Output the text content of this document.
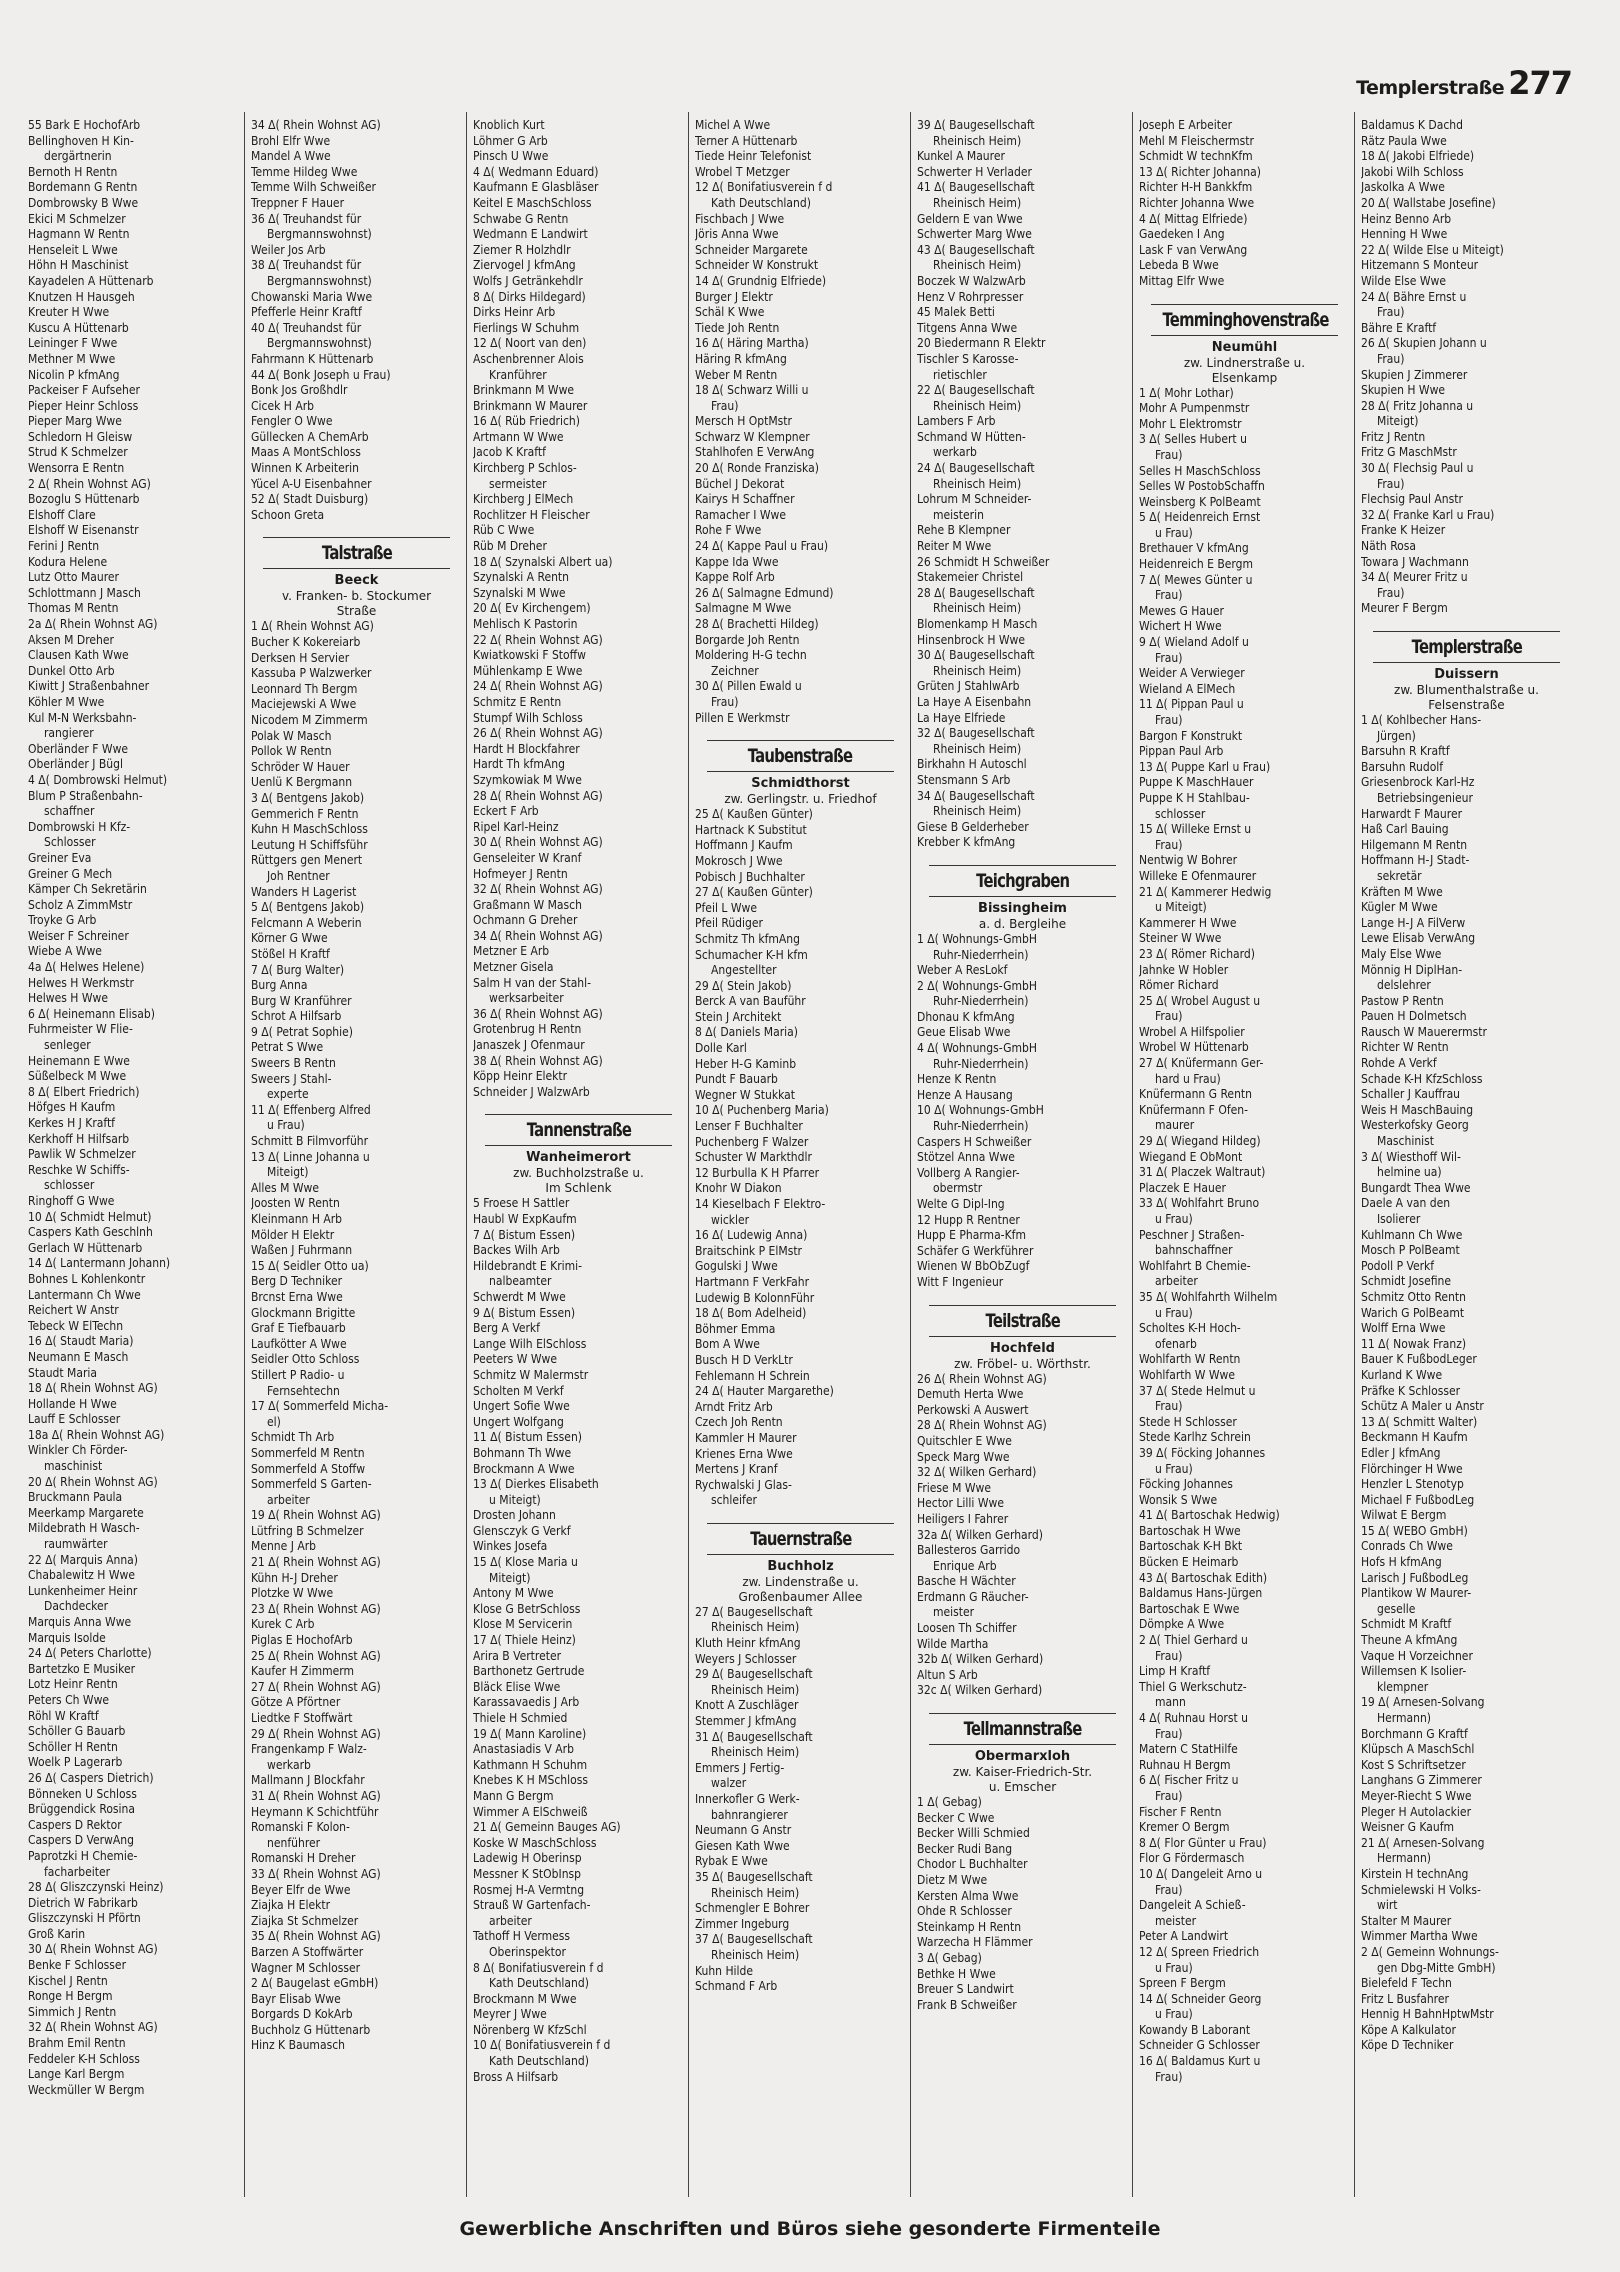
Templerstraße 277
55 Bark E HochofArb
Bellinghoven H Kin-
dergärtnerin
Bernoth H Rentn
Bordemann G Rentn
Dombrowsky B Wwe
Ekici M Schmelzer
Hagmann W Rentn
Henseleit L Wwe
Höhn H Maschinist
Kayadelen A Hüttenarb
Knutzen H Hausgeh
Kreuter H Wwe
Kuscu A Hüttenarb
Leininger F Wwe
Methner M Wwe
Nicolin P kfmAng
Packeiser F Aufseher
Pieper Heinr Schloss
Pieper Marg Wwe
Schledorn H Gleisw
Strud K Schmelzer
Wensorra E Rentn
2 Δ( Rhein Wohnst AG)
Bozoglu S Hüttenarb
Elshoff Clare
Elshoff W Eisenanstr
Ferini J Rentn
Kodura Helene
Lutz Otto Maurer
Schlottmann J Masch
Thomas M Rentn
2a Δ( Rhein Wohnst AG)
Aksen M Dreher
Clausen Kath Wwe
Dunkel Otto Arb
Kiwitt J Straßenbahner
Köhler M Wwe
Kul M-N Werksbahn-
rangierer
Oberländer F Wwe
Oberländer J Bügl
4 Δ( Dombrowski Helmut)
Blum P Straßenbahn-
schaffner
Dombrowski H Kfz-
Schlosser
Greiner Eva
Greiner G Mech
Kämper Ch Sekretärin
Scholz A ZimmMstr
Troyke G Arb
Weiser F Schreiner
Wiebe A Wwe
4a Δ( Helwes Helene)
Helwes H Werkmstr
Helwes H Wwe
6 Δ( Heinemann Elisab)
Fuhrmeister W Flie-
senleger
Heinemann E Wwe
Süßelbeck M Wwe
8 Δ( Elbert Friedrich)
Höfges H Kaufm
Kerkes H J Kraftf
Kerkhoff H Hilfsarb
Pawlik W Schmelzer
Reschke W Schiffs-
schlosser
Ringhoff G Wwe
10 Δ( Schmidt Helmut)
Caspers Kath Geschlnh
Gerlach W Hüttenarb
14 Δ( Lantermann Johann)
Bohnes L Kohlenkontr
Lantermann Ch Wwe
Reichert W Anstr
Tebeck W ElTechn
16 Δ( Staudt Maria)
Neumann E Masch
Staudt Maria
18 Δ( Rhein Wohnst AG)
Hollande H Wwe
Lauff E Schlosser
18a Δ( Rhein Wohnst AG)
Winkler Ch Förder-
maschinist
20 Δ( Rhein Wohnst AG)
Bruckmann Paula
Meerkamp Margarete
Mildebrath H Wasch-
raumwärter
22 Δ( Marquis Anna)
Chabalewitz H Wwe
Lunkenheimer Heinr
Dachdecker
Marquis Anna Wwe
Marquis Isolde
24 Δ( Peters Charlotte)
Bartetzko E Musiker
Lotz Heinr Rentn
Peters Ch Wwe
Röhl W Kraftf
Schöller G Bauarb
Schöller H Rentn
Woelk P Lagerarb
26 Δ( Caspers Dietrich)
Bönneken U Schloss
Brüggendick Rosina
Caspers D Rektor
Caspers D VerwAng
Paprotzki H Chemie-
facharbeiter
28 Δ( Gliszczynski Heinz)
Dietrich W Fabrikarb
Gliszczynski H Pförtn
Groß Karin
30 Δ( Rhein Wohnst AG)
Benke F Schlosser
Kischel J Rentn
Ronge H Bergm
Simmich J Rentn
32 Δ( Rhein Wohnst AG)
Brahm Emil Rentn
Feddeler K-H Schloss
Lange Karl Bergm
Weckmüller W Bergm
34 Δ( Rhein Wohnst AG)
Brohl Elfr Wwe
Mandel A Wwe
Temme Hildeg Wwe
Temme Wilh Schweißer
Treppner F Hauer
36 Δ( Treuhandst für
Bergmannswohnst)
Weiler Jos Arb
38 Δ( Treuhandst für
Bergmannswohnst)
Chowanski Maria Wwe
Pfefferle Heinr Kraftf
40 Δ( Treuhandst für
Bergmannswohnst)
Fahrmann K Hüttenarb
44 Δ( Bonk Joseph u Frau)
Bonk Jos Großhdlr
Cicek H Arb
Fengler O Wwe
Güllecken A ChemArb
Maas A MontSchloss
Winnen K Arbeiterin
Yücel A-U Eisenbahner
52 Δ( Stadt Duisburg)
Schoon Greta
Talstraße
Beeck
v. Franken- b. Stockumer
Straße
1 Δ( Rhein Wohnst AG)
Bucher K Kokereiarb
Derksen H Servier
Kassuba P Walzwerker
Leonnard Th Bergm
Maciejewski A Wwe
Nicodem M Zimmerm
Polak W Masch
Pollok W Rentn
Schröder W Hauer
Uenlü K Bergmann
3 Δ( Bentgens Jakob)
Gemmerich F Rentn
Kuhn H MaschSchloss
Leutung H Schiffsführ
Rüttgers gen Menert
Joh Rentner
Wanders H Lagerist
5 Δ( Bentgens Jakob)
Felcmann A Weberin
Körner G Wwe
Stößel H Kraftf
7 Δ( Burg Walter)
Burg Anna
Burg W Kranführer
Schrot A Hilfsarb
9 Δ( Petrat Sophie)
Petrat S Wwe
Sweers B Rentn
Sweers J Stahl-
experte
11 Δ( Effenberg Alfred
u Frau)
Schmitt B Filmvorführ
13 Δ( Linne Johanna u
Miteigt)
Alles M Wwe
Joosten W Rentn
Kleinmann H Arb
Mölder H Elektr
Waßen J Fuhrmann
15 Δ( Seidler Otto ua)
Berg D Techniker
Brcnst Erna Wwe
Glockmann Brigitte
Graf E Tiefbauarb
Laufkötter A Wwe
Seidler Otto Schloss
Stillert P Radio- u
Fernsehtechn
17 Δ( Sommerfeld Micha-
el)
Schmidt Th Arb
Sommerfeld M Rentn
Sommerfeld A Stoffw
Sommerfeld S Garten-
arbeiter
19 Δ( Rhein Wohnst AG)
Lütfring B Schmelzer
Menne J Arb
21 Δ( Rhein Wohnst AG)
Kühn H-J Dreher
Plotzke W Wwe
23 Δ( Rhein Wohnst AG)
Kurek C Arb
Piglas E HochofArb
25 Δ( Rhein Wohnst AG)
Kaufer H Zimmerm
27 Δ( Rhein Wohnst AG)
Götze A Pförtner
Liedtke F Stoffwärt
29 Δ( Rhein Wohnst AG)
Frangenkamp F Walz-
werkarb
Mallmann J Blockfahr
31 Δ( Rhein Wohnst AG)
Heymann K Schichtführ
Romanski F Kolon-
nenführer
Romanski H Dreher
33 Δ( Rhein Wohnst AG)
Beyer Elfr de Wwe
Ziajka H Elektr
Ziajka St Schmelzer
35 Δ( Rhein Wohnst AG)
Barzen A Stoffwärter
Wagner M Schlosser
2 Δ( Baugelast eGmbH)
Bayr Elisab Wwe
Borgards D KokArb
Buchholz G Hüttenarb
Hinz K Baumasch
Knoblich Kurt
Löhmer G Arb
Pinsch U Wwe
4 Δ( Wedmann Eduard)
Kaufmann E Glasbläser
Keitel E MaschSchloss
Schwabe G Rentn
Wedmann E Landwirt
Ziemer R Holzhdlr
Ziervogel J kfmAng
Wolfs J Geträ​nkehdlr
8 Δ( Dirks Hildegard)
Dirks Heinr Arb
Fierlings W Schuhm
12 Δ( Noort van den)
Aschenbrenner Alois
Kranführer
Brinkmann M Wwe
Brinkmann W Maurer
16 Δ( Rüb Friedrich)
Artmann W Wwe
Jacob K Kraftf
Kirchberg P Schlos-
sermeister
Kirchberg J ElMech
Rochlitzer H Fleischer
Rüb C Wwe
Rüb M Dreher
18 Δ( Szynalski Albert ua)
Szynalski A Rentn
Szynalski M Wwe
20 Δ( Ev Kirchengem)
Mehlisch K Pastorin
22 Δ( Rhein Wohnst AG)
Kwiatkowski F Stoffw
Mühlenkamp E Wwe
24 Δ( Rhein Wohnst AG)
Schmitz E Rentn
Stumpf Wilh Schloss
26 Δ( Rhein Wohnst AG)
Hardt H Blockfahrer
Hardt Th kfmAng
Szymkowiak M Wwe
28 Δ( Rhein Wohnst AG)
Eckert F Arb
Ripel Karl-Heinz
30 Δ( Rhein Wohnst AG)
Genseleiter W Kranf
Hofmeyer J Rentn
32 Δ( Rhein Wohnst AG)
Graßmann W Masch
Ochmann G Dreher
34 Δ( Rhein Wohnst AG)
Metzner E Arb
Metzner Gisela
Salm H van der Stahl-
werksarbeiter
36 Δ( Rhein Wohnst AG)
Grotenbrug H Rentn
Janaszek J Ofenmaur
38 Δ( Rhein Wohnst AG)
Köpp Heinr Elektr
Schneider J WalzwArb
Tannenstraße
Wanheimerort
zw. Buchholzstraße u.
Im Schlenk
5 Froese H Sattler
Haubl W ExpKaufm
7 Δ( Bistum Essen)
Backes Wilh Arb
Hildebrandt E Krimi-
nalbeamter
Schwerdt M Wwe
9 Δ( Bistum Essen)
Berg A Verkf
Lange Wilh ElSchloss
Peeters W Wwe
Schmitz W Malermstr
Scholten M Verkf
Ungert Sofie Wwe
Ungert Wolfgang
11 Δ( Bistum Essen)
Bohmann Th Wwe
Brockmann A Wwe
13 Δ( Dierkes Elisabeth
u Miteigt)
Drosten Johann
Glensczyk G Verkf
Winkes Josefa
15 Δ( Klose Maria u
Miteigt)
Antony M Wwe
Klose G BetrSchloss
Klose M Servicerin
17 Δ( Thiele Heinz)
Arira B Vertreter
Barthonetz Gertrude
Bläck Elise Wwe
Karassavaedis J Arb
Thiele H Schmied
19 Δ( Mann Karoline)
Anastasiadis V Arb
Kathmann H Schuhm
Knebes K H MSchloss
Mann G Bergm
Wimmer A ElSchweiß
21 Δ( Gemeinn Bauges AG)
Koske W MaschSchloss
Ladewig H Oberinsp
Messner K StObInsp
Rosmej H-A Vermtng
Strauß W Gartenfach-
arbeiter
Tathoff H Vermess
Oberinspektor
8 Δ( Bonifatiusverein f d
Kath Deutschland)
Brockmann M Wwe
Meyrer J Wwe
Nörenberg W KfzSchl
10 Δ( Bonifatiusverein f d
Kath Deutschland)
Bross A Hilfsarb
Michel A Wwe
Terner A Hüttenarb
Tiede Heinr Telefonist
Wrobel T Metzger
12 Δ( Bonifatiusverein f d
Kath Deutschland)
Fischbach J Wwe
Jöris Anna Wwe
Schneider Margarete
Schneider W Konstrukt
14 Δ( Grundnig Elfriede)
Burger J Elektr
Schäl K Wwe
Tiede Joh Rentn
16 Δ( Häring Martha)
Häring R kfmAng
Weber M Rentn
18 Δ( Schwarz Willi u
Frau)
Mersch H OptMstr
Schwarz W Klempner
Stahlhofen E VerwAng
20 Δ( Ronde Franziska)
Büchel J Dekorat
Kairys H Schaffner
Ramacher I Wwe
Rohe F Wwe
24 Δ( Kappe Paul u Frau)
Kappe Ida Wwe
Kappe Rolf Arb
26 Δ( Salmagne Edmund)
Salmagne M Wwe
28 Δ( Brachetti Hildeg)
Borgarde Joh Rentn
Moldering H-G techn
Zeichner
30 Δ( Pillen Ewald u
Frau)
Pillen E Werkmstr
Taubenstraße
Schmidthorst
zw. Gerlingstr. u. Friedhof
25 Δ( Kaußen Günter)
Hartnack K Substitut
Hoffmann J Kaufm
Mokrosch J Wwe
Pobisch J Buchhalter
27 Δ( Kaußen Günter)
Pfeil L Wwe
Pfeil Rüdiger
Schmitz Th kfmAng
Schumacher K-H kfm
Angestellter
29 Δ( Stein Jakob)
Berck A van Bauführ
Stein J Architekt
8 Δ( Daniels Maria)
Dolle Karl
Heber H-G Kaminb
Pundt F Bauarb
Wegner W Stukkat
10 Δ( Puchenberg Maria)
Lenser F Buchhalter
Puchenberg F Walzer
Schuster W Markthdlr
12 Burbulla K H Pfarrer
Knohr W Diakon
14 Kieselbach F Elektro-
wickler
16 Δ( Ludewig Anna)
Braitschink P ElMstr
Gogulski J Wwe
Hartmann F VerkFahr
Ludewig B KolonnFühr
18 Δ( Bom Adelheid)
Böhmer Emma
Bom A Wwe
Busch H D VerkLtr
Fehlemann H Schrein
24 Δ( Hauter Margarethe)
Arndt Fritz Arb
Czech Joh Rentn
Kammler H Maurer
Krienes Erna Wwe
Mertens J Kranf
Rychwalski J Glas-
schleifer
Tauernstraße
Buchholz
zw. Lindenstraße u.
Großenbaumer Allee
27 Δ( Baugesellschaft
Rheinisch Heim)
Kluth Heinr kfmAng
Weyers J Schlosser
29 Δ( Baugesellschaft
Rheinisch Heim)
Knott A Zuschläger
Stemmer J kfmAng
31 Δ( Baugesellschaft
Rheinisch Heim)
Emmers J Fertig-
walzer
Innerkofler G Werk-
bahnrangierer
Neumann G Anstr
Giesen Kath Wwe
Rybak E Wwe
35 Δ( Baugesellschaft
Rheinisch Heim)
Schmengler E Bohrer
Zimmer Ingeburg
37 Δ( Baugesellschaft
Rheinisch Heim)
Kuhn Hilde
Schmand F Arb
39 Δ( Baugesellschaft
Rheinisch Heim)
Kunkel A Maurer
Schwerter H Verlader
41 Δ( Baugesellschaft
Rheinisch Heim)
Geldern E van Wwe
Schwerter Marg Wwe
43 Δ( Baugesellschaft
Rheinisch Heim)
Boczek W WalzwArb
Henz V Rohrpresser
45 Malek Betti
Titgens Anna Wwe
20 Biedermann R Elektr
Tischler S Karosse-
rietischler
22 Δ( Baugesellschaft
Rheinisch Heim)
Lambers F Arb
Schmand W Hütten-
werkarb
24 Δ( Baugesellschaft
Rheinisch Heim)
Lohrum M Schneider-
meisterin
Rehe B Klempner
Reiter M Wwe
26 Schmidt H Schweißer
Stakemeier Christel
28 Δ( Baugesellschaft
Rheinisch Heim)
Blomenkamp H Masch
Hinsenbrock H Wwe
30 Δ( Baugesellschaft
Rheinisch Heim)
Grüten J StahlwArb
La Haye A Eisenbahn
La Haye Elfriede
32 Δ( Baugesellschaft
Rheinisch Heim)
Birkhahn H Autoschl
Stensmann S Arb
34 Δ( Baugesellschaft
Rheinisch Heim)
Giese B Gelderheber
Krebber K kfmAng
Teichgraben
Bissingheim
a. d. Bergleihe
1 Δ( Wohnungs-GmbH
Ruhr-Niederrhein)
Weber A ResLokf
2 Δ( Wohnungs-GmbH
Ruhr-Niederrhein)
Dhonau K kfmAng
Geue Elisab Wwe
4 Δ( Wohnungs-GmbH
Ruhr-Niederrhein)
Henze K Rentn
Henze A Hausang
10 Δ( Wohnungs-GmbH
Ruhr-Niederrhein)
Caspers H Schweißer
Stötzel Anna Wwe
Vollberg A Rangier-
obermstr
Welte G Dipl-Ing
12 Hupp R Rentner
Hupp E Pharma-Kfm
Schäfer G Werkführer
Wienen W BbObZugf
Witt F Ingenieur
Teilstraße
Hochfeld
zw. Fröbel- u. Wörthstr.
26 Δ( Rhein Wohnst AG)
Demuth Herta Wwe
Perkowski A Auswert
28 Δ( Rhein Wohnst AG)
Quitschler E Wwe
Speck Marg Wwe
32 Δ( Wilken Gerhard)
Friese M Wwe
Hector Lilli Wwe
Heiligers I Fahrer
32a Δ( Wilken Gerhard)
Ballesteros Garrido
Enrique Arb
Basche H Wächter
Erdmann G Räucher-
meister
Loosen Th Schiffer
Wilde Martha
32b Δ( Wilken Gerhard)
Altun S Arb
32c Δ( Wilken Gerhard)
Tellmannstraße
Obermarxloh
zw. Kaiser-Friedrich-Str.
u. Emscher
1 Δ( Gebag)
Becker C Wwe
Becker Willi Schmied
Becker Rudi Bang
Chodor L Buchhalter
Dietz M Wwe
Kersten Alma Wwe
Ohde R Schlosser
Steinkamp H Rentn
Warzecha H Flämmer
3 Δ( Gebag)
Bethke H Wwe
Breuer S Landwirt
Frank B Schweißer
Joseph E Arbeiter
Mehl M Fleischermstr
Schmidt W technKfm
13 Δ( Richter Johanna)
Richter H-H Bankkfm
Richter Johanna Wwe
4 Δ( Mittag Elfriede)
Gaedeken I Ang
Lask F van VerwAng
Lebeda B Wwe
Mittag Elfr Wwe
Temminghovenstraße
Neumühl
zw. Lindnerstraße u.
Elsenkamp
1 Δ( Mohr Lothar)
Mohr A Pumpenmstr
Mohr L Elektromstr
3 Δ( Selles Hubert u
Frau)
Selles H MaschSchloss
Selles W PostobSchaffn
Weinsberg K PolBeamt
5 Δ( Heidenreich Ernst
u Frau)
Brethauer V kfmAng
Heidenreich E Bergm
7 Δ( Mewes Günter u
Frau)
Mewes G Hauer
Wichert H Wwe
9 Δ( Wieland Adolf u
Frau)
Weider A Verwieger
Wieland A ElMech
11 Δ( Pippan Paul u
Frau)
Bargon F Konstrukt
Pippan Paul Arb
13 Δ( Puppe Karl u Frau)
Puppe K MaschHauer
Puppe K H Stahlbau-
schlosser
15 Δ( Willeke Ernst u
Frau)
Nentwig W Bohrer
Willeke E Ofenmaurer
21 Δ( Kammerer Hedwig
u Miteigt)
Kammerer H Wwe
Steiner W Wwe
23 Δ( Römer Richard)
Jahnke W Hobler
Römer Richard
25 Δ( Wrobel August u
Frau)
Wrobel A Hilfspolier
Wrobel W Hüttenarb
27 Δ( Knüfermann Ger-
hard u Frau)
Knüfermann G Rentn
Knüfermann F Ofen-
maurer
29 Δ( Wiegand Hildeg)
Wiegand E ObMont
31 Δ( Placzek Waltraut)
Placzek E Hauer
33 Δ( Wohlfahrt Bruno
u Frau)
Peschner J Straßen-
bahnschaffner
Wohlfahrt B Chemie-
arbeiter
35 Δ( Wohlfahrth Wilhelm
u Frau)
Scholtes K-H Hoch-
ofenarb
Wohlfarth W Rentn
Wohlfarth W Wwe
37 Δ( Stede Helmut u
Frau)
Stede H Schlosser
Stede Karlhz Schrein
39 Δ( Föcking Johannes
u Frau)
Föcking Johannes
Wonsik S Wwe
41 Δ( Bartoschak Hedwig)
Bartoschak H Wwe
Bartoschak K-H Bkt
Bücken E Heimarb
43 Δ( Bartoschak Edith)
Baldamus Hans-Jürgen
Bartoschak E Wwe
Dömpke A Wwe
2 Δ( Thiel Gerhard u
Frau)
Limp H Kraftf
Thiel G Werkschutz-
mann
4 Δ( Ruhnau Horst u
Frau)
Matern C StatHilfe
Ruhnau H Bergm
6 Δ( Fischer Fritz u
Frau)
Fischer F Rentn
Kremer O Bergm
8 Δ( Flor Günter u Frau)
Flor G Fördermasch
10 Δ( Dangeleit Arno u
Frau)
Dangeleit A Schieß-
meister
Peter A Landwirt
12 Δ( Spreen Friedrich
u Frau)
Spreen F Bergm
14 Δ( Schneider Georg
u Frau)
Kowandy B Laborant
Schneider G Schlosser
16 Δ( Baldamus Kurt u
Frau)
Baldamus K Dachd
Rätz Paula Wwe
18 Δ( Jakobi Elfriede)
Jakobi Wilh Schloss
Jaskolka A Wwe
20 Δ( Wallstabe Josefine)
Heinz Benno Arb
Henning H Wwe
22 Δ( Wilde Else u Miteigt)
Hitzemann S Monteur
Wilde Else Wwe
24 Δ( Bähre Ernst u
Frau)
Bähre E Kraftf
26 Δ( Skupien Johann u
Frau)
Skupien J Zimmerer
Skupien H Wwe
28 Δ( Fritz Johanna u
Miteigt)
Fritz J Rentn
Fritz G MaschMstr
30 Δ( Flechsig Paul u
Frau)
Flechsig Paul Anstr
32 Δ( Franke Karl u Frau)
Franke K Heizer
Näth Rosa
Towara J Wachmann
34 Δ( Meurer Fritz u
Frau)
Meurer F Bergm
Templerstraße
Duissern
zw. Blumenthalstraße u.
Felsenstraße
1 Δ( Kohlbecher Hans-
Jürgen)
Barsuhn R Kraftf
Barsuhn Rudolf
Griesenbrock Karl-Hz
Betriebsingenieur
Harwardt F Maurer
Haß Carl Bauing
Hilgemann M Rentn
Hoffmann H-J Stadt-
sekretär
Kräften M Wwe
Kügler M Wwe
Lange H-J A FilVerw
Lewe Elisab VerwAng
Maly Else Wwe
Mönnig H DiplHan-
delslehrer
Pastow P Rentn
Pauen H Dolmetsch
Rausch W Mauerermstr
Richter W Rentn
Rohde A Verkf
Schade K-H KfzSchloss
Schaller J Kauffrau
Weis H MaschBauing
Westerkofsky Georg
Maschinist
3 Δ( Wiesthoff Wil-
helmine ua)
Bungardt Thea Wwe
Daele A van den
Isolierer
Kuhlmann Ch Wwe
Mosch P PolBeamt
Podoll P Verkf
Schmidt Josefine
Schmitz Otto Rentn
Warich G PolBeamt
Wolff Erna Wwe
11 Δ( Nowak Franz)
Bauer K FußbodLeger
Kurland K Wwe
Präfke K Schlosser
Schütz A Maler u Anstr
13 Δ( Schmitt Walter)
Beckmann H Kaufm
Edler J kfmAng
Flörchinger H Wwe
Henzler L Stenotyp
Michael F FußbodLeg
Wilwat E Bergm
15 Δ( WEBO GmbH)
Conrads Ch Wwe
Hofs H kfmAng
Larisch J FußbodLeg
Plantikow W Maurer-
geselle
Schmidt M Kraftf
Theune A kfmAng
Vaque H Vorzeichner
Willemsen K Isolier-
klempner
19 Δ( Arnesen-Solvang
Hermann)
Borchmann G Kraftf
Klüpsch A MaschSchl
Kost S Schriftsetzer
Langhans G Zimmerer
Meyer-Riecht S Wwe
Pleger H Autolackier
Weisner G Kaufm
21 Δ( Arnesen-Solvang
Hermann)
Kirstein H technAng
Schmielewski H Volks-
wirt
Stalter M Maurer
Wimmer Martha Wwe
2 Δ( Gemeinn Wohnungs-
gen Dbg-Mitte GmbH)
Bielefeld F Techn
Fritz L Busfahrer
Hennig H BahnHptwMstr
Köpe A Kalkulator
Köpe D Techniker
Gewerbliche Anschriften und Büros siehe gesonderte Firmenteile
